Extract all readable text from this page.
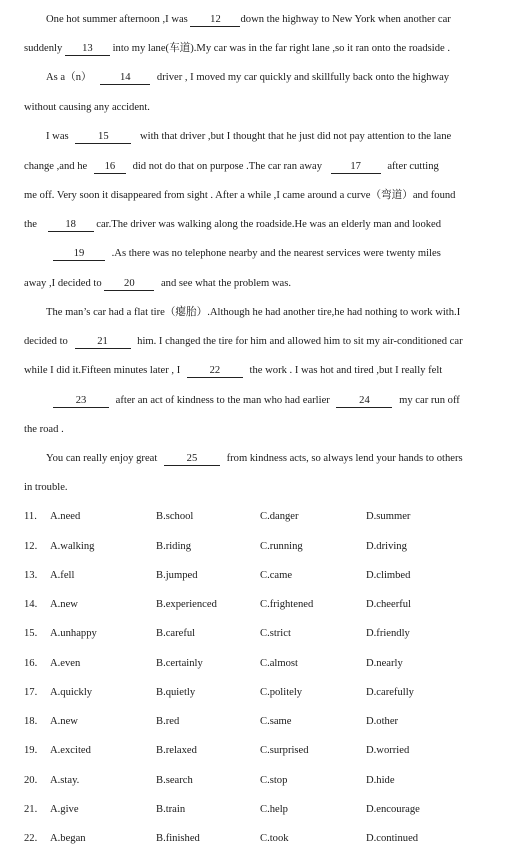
One hot summer afternoon ,I was 12 down the highway to New York when another car
suddenly 13 into my lane(车道).My car was in the far right lane ,so it ran onto the roadside .
As a（n）	14 driver , I moved my car quickly and skillfully back onto the highway
without causing any accident.
I was	15	with that driver ,but I thought that he just did not pay attention to the lane
change ,and he 16 did not do that on purpose .The car ran away	17 after cutting
me off. Very soon it disappeared from sight . After a while ,I came around a curve（弯道）and found
the	18 car.The driver was walking along the roadside.He was an elderly man and looked
19	.As there was no telephone nearby and the nearest services were twenty miles
away ,I decided to 20 and see what the problem was.
The man’s car had a flat tire（瘪胎）.Although he had another tire,he had nothing to work with.I
decided to	21	him. I changed the tire for him and allowed him to sit my air-conditioned car
while I did it.Fifteen minutes later , I	22	the work . I was hot and tired ,but I really felt
23	after an act of kindness to the man who had earlier	24	my car run off
the road .
You can really enjoy great	25	from kindness acts, so always lend your hands to others
in trouble.
11. A.need	B.school	C.danger	D.summer
12. A.walking	B.riding	C.running	D.driving
13. A.fell	B.jumped	C.came	D.climbed
14. A.new	B.experienced	C.frightened	D.cheerful
15. A.unhappy	B.careful	C.strict	D.friendly
16. A.even	B.certainly	C.almost	D.nearly
17. A.quickly	B.quietly	C.politely	D.carefully
18. A.new	B.red	C.same	D.other
19. A.excited	B.relaxed	C.surprised	D.worried
20. A.stay.	B.search	C.stop	D.hide
21. A.give	B.train	C.help	D.encourage
22. A.began	B.finished	C.took	D.continued
